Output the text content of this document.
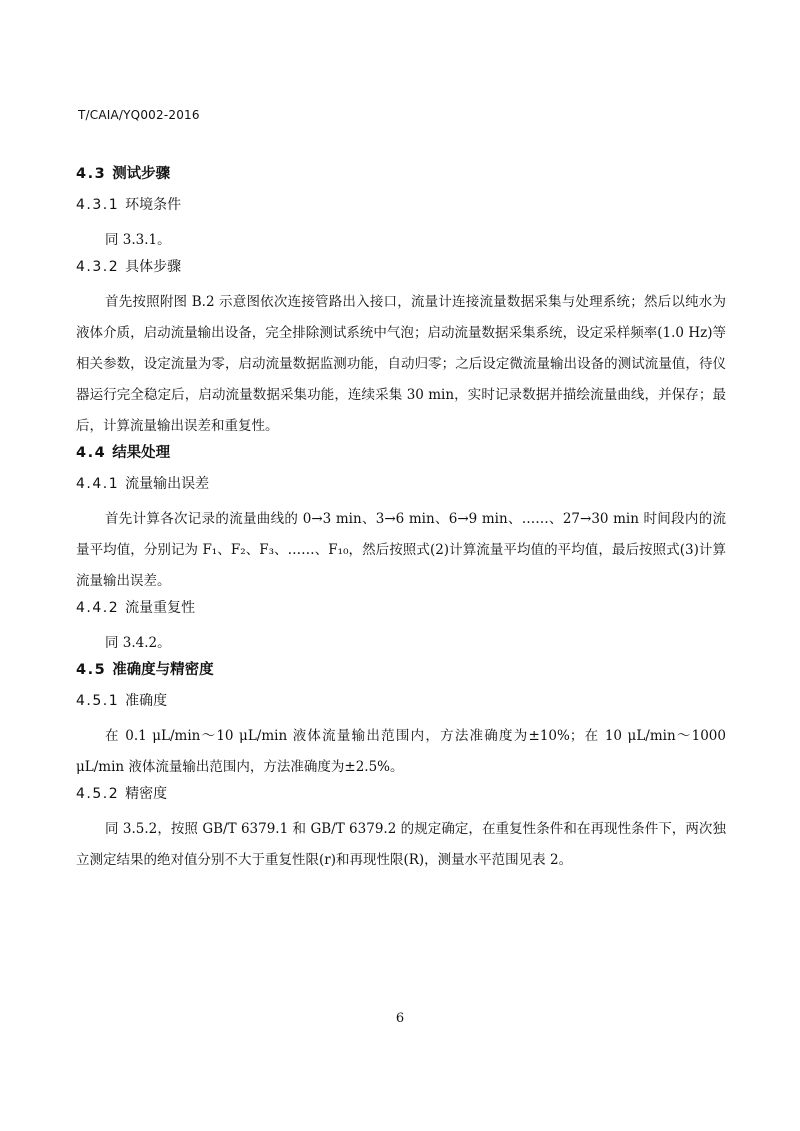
T/CAIA/YQ002-2016
4.3 测试步骤
4.3.1 环境条件

同 3.3.1。

4.3.2 具体步骤

首先按照附图 B.2 示意图依次连接管路出入接口，流量计连接流量数据采集与处理系统；然后以纯水为液体介质，启动流量输出设备，完全排除测试系统中气泡；启动流量数据采集系统，设定采样频率(1.0 Hz)等相关参数，设定流量为零，启动流量数据监测功能，自动归零；之后设定微流量输出设备的测试流量值，待仪器运行完全稳定后，启动流量数据采集功能，连续采集 30 min，实时记录数据并描绘流量曲线，并保存；最后，计算流量输出误差和重复性。

4.4 结果处理
4.4.1 流量输出误差

首先计算各次记录的流量曲线的 0→3 min、3→6 min、6→9 min、……、27→30 min 时间段内的流量平均值，分别记为 F₁、F₂、F₃、……、F₁₀，然后按照式(2)计算流量平均值的平均值，最后按照式(3)计算流量输出误差。

4.4.2 流量重复性

同 3.4.2。

4.5 准确度与精密度
4.5.1 准确度

在 0.1 μL/min～10 μL/min 液体流量输出范围内，方法准确度为±10%；在 10 μL/min～1000 μL/min 液体流量输出范围内，方法准确度为±2.5%。

4.5.2 精密度

同 3.5.2，按照 GB/T 6379.1 和 GB/T 6379.2 的规定确定，在重复性条件和在再现性条件下，两次独立测定结果的绝对值分别不大于重复性限(r)和再现性限(R)，测量水平范围见表 2。

6
